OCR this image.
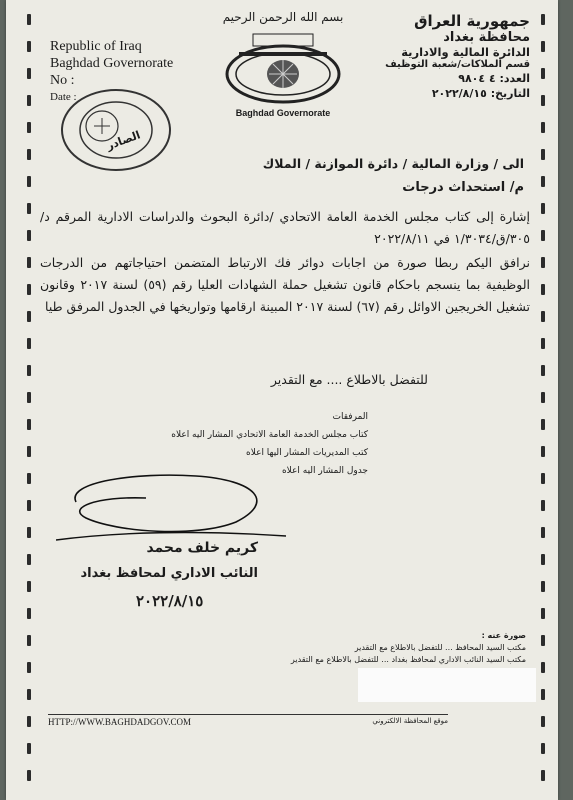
Republic of Iraq
Baghdad Governorate
No :
Date :
بسم الله الرحمن الرحيم
Baghdad Governorate
جمهورية العراق
محافظة بغداد
الدائرة المالية والادارية
قسم الملاكات/شعبة التوظيف
العدد: ٤ ٩٨٠٤
التاريخ: ٢٠٢٢/٨/١٥
الصادر
الى / وزارة المالية / دائرة الموازنة / الملاك
م/ استحداث درجات
إشارة إلى كتاب مجلس الخدمة العامة الاتحادي /دائرة البحوث والدراسات الادارية المرقم د/٣٠٥/ق/١/٣٠٣٤ في ٢٠٢٢/٨/١١
نرافق اليكم ربطا صورة من اجابات دوائر فك الارتباط المتضمن احتياجاتهم من الدرجات الوظيفية بما ينسجم باحكام قانون تشغيل حملة الشهادات العليا رقم (٥٩) لسنة ٢٠١٧ وقانون تشغيل الخريجين الاوائل رقم (٦٧) لسنة ٢٠١٧ المبينة ارقامها وتواريخها في الجدول المرفق طيا
للتفضل بالاطلاع .... مع التقدير
المرفقات
كتاب مجلس الخدمة العامة الاتحادي المشار اليه اعلاه
كتب المديريات المشار اليها اعلاه
جدول المشار اليه اعلاه
كريم خلف محمد
النائب الاداري لمحافظ بغداد
٢٠٢٢/٨/١٥
صورة عنه :
مكتب السيد المحافظ ... للتفضل بالاطلاع مع التقدير
مكتب السيد النائب الاداري لمحافظ بغداد ... للتفضل بالاطلاع مع التقدير
HTTP://WWW.BAGHDADGOV.COM	موقع المحافظة الالكتروني
